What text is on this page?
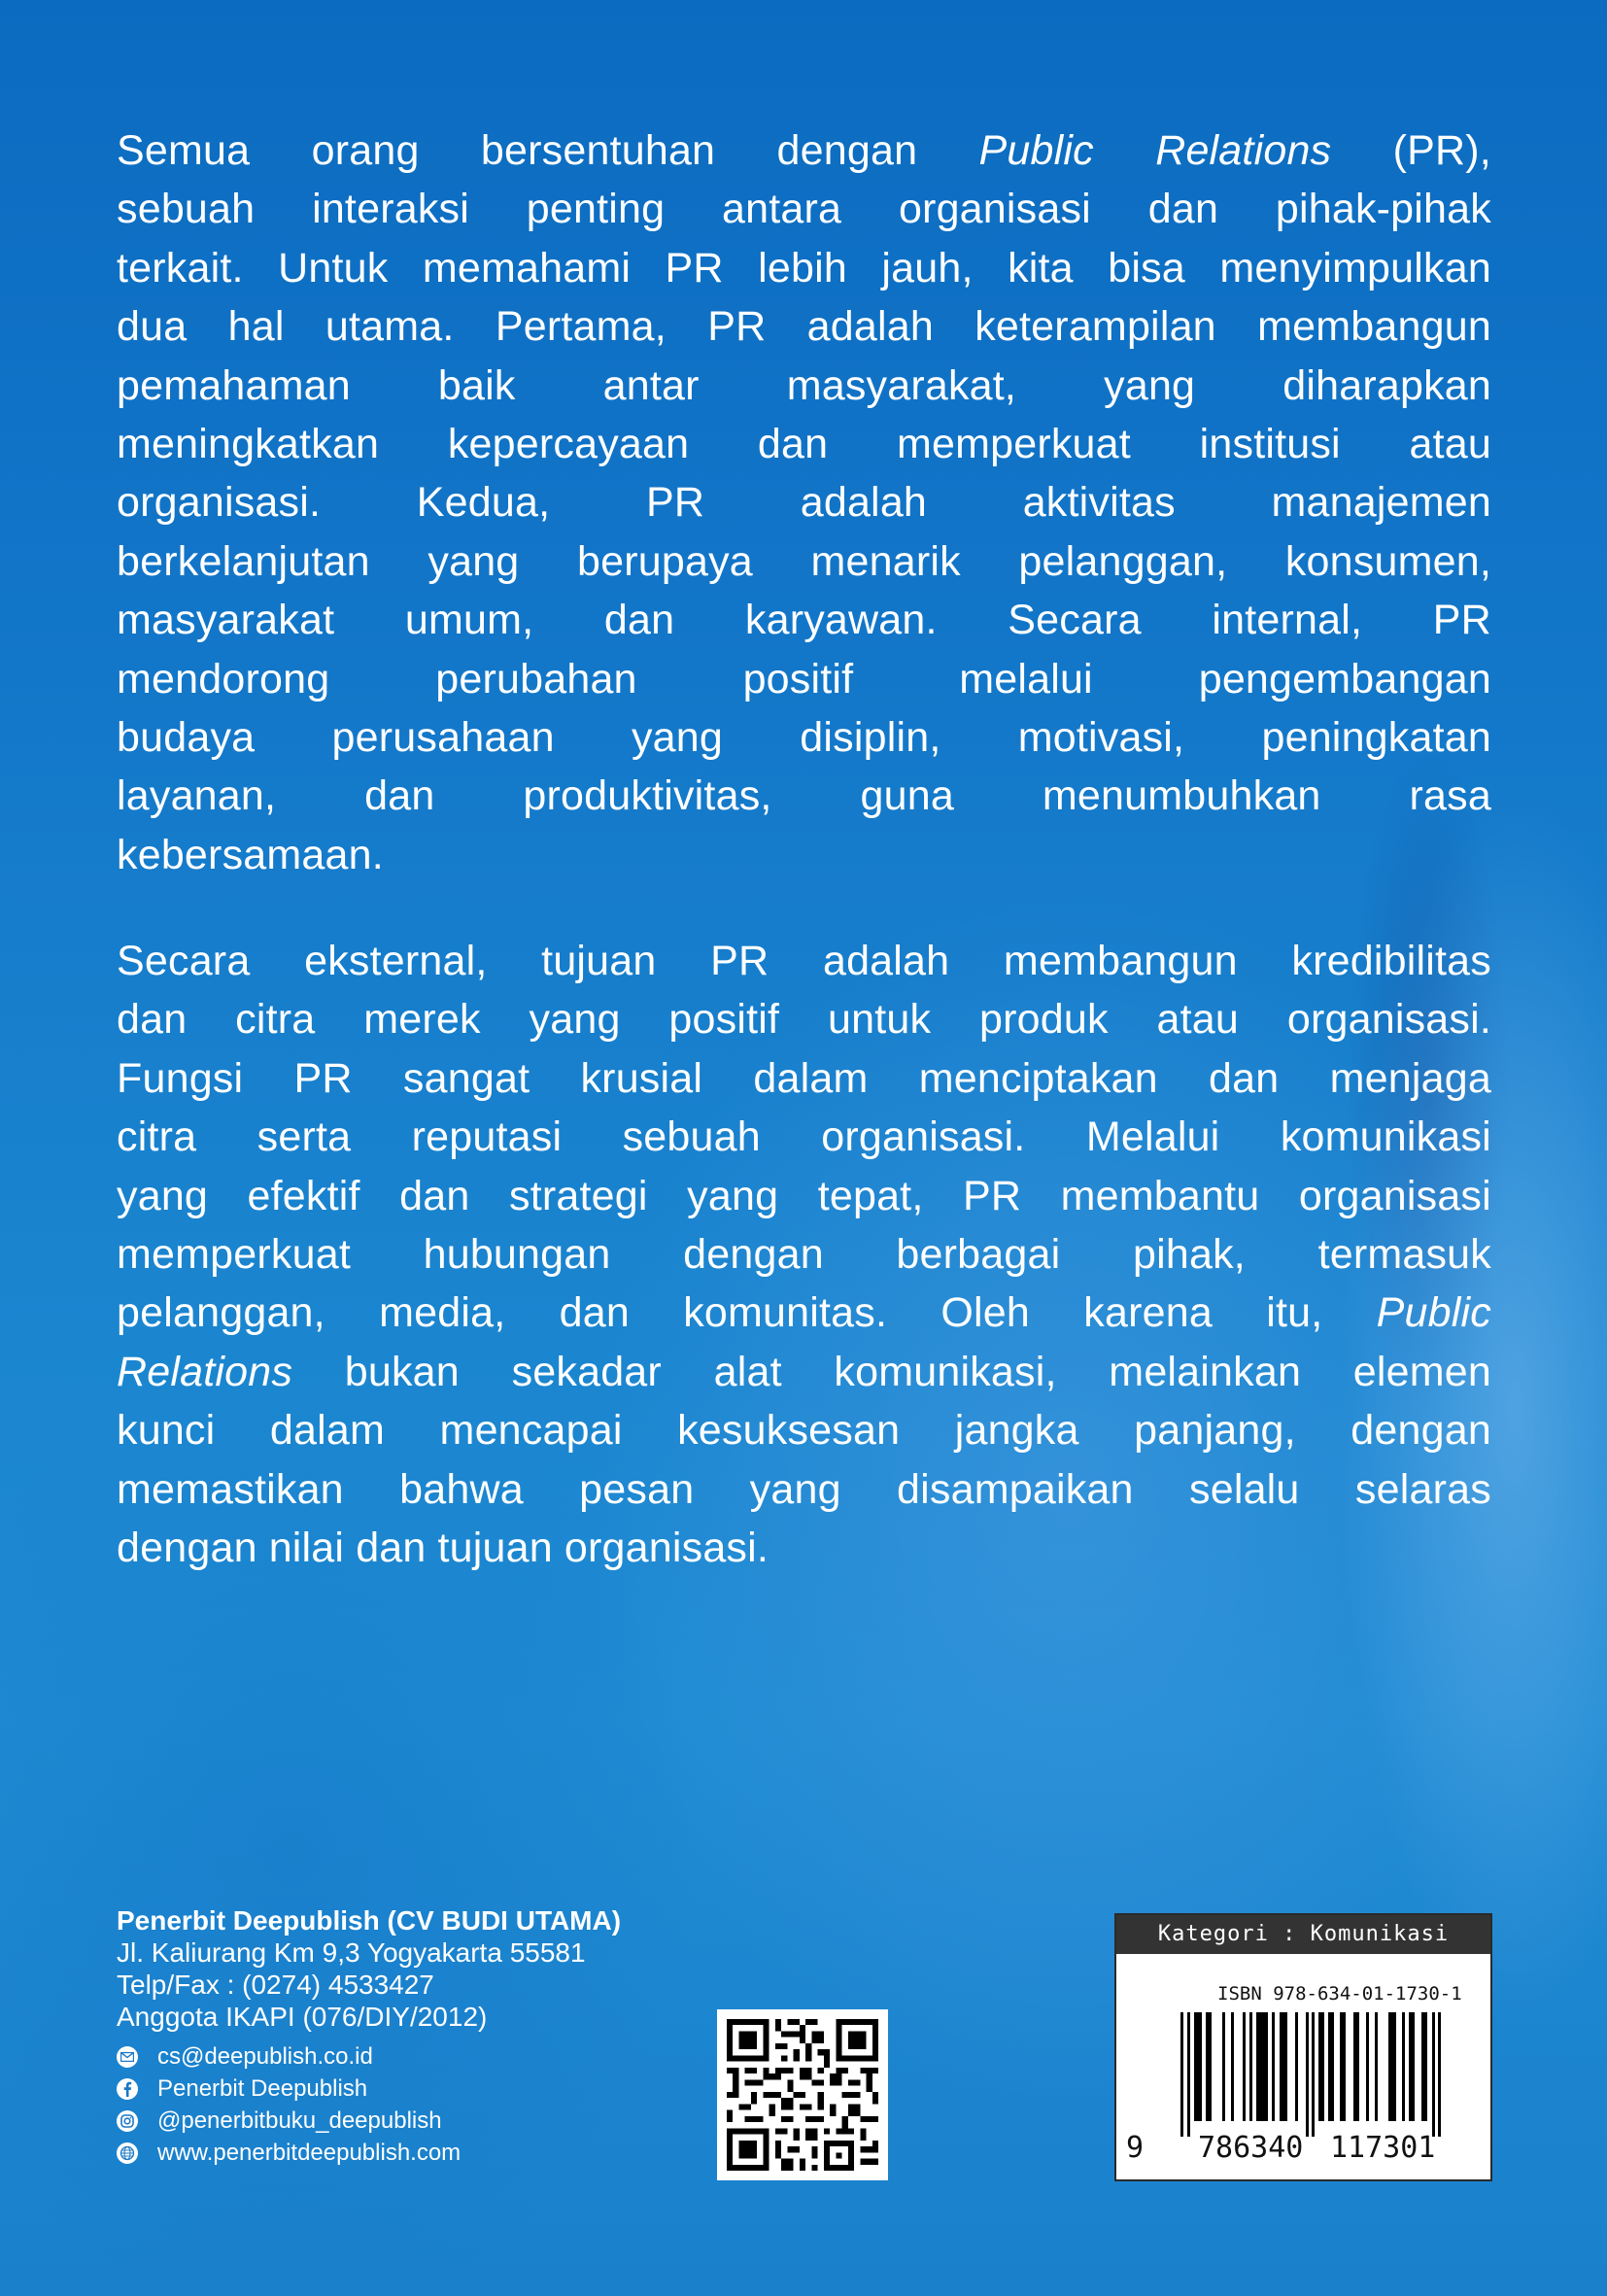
Semua orang bersentuhan dengan Public Relations (PR),
sebuah interaksi penting antara organisasi dan pihak-pihak
terkait. Untuk memahami PR lebih jauh, kita bisa menyimpulkan
dua hal utama. Pertama, PR adalah keterampilan membangun
pemahaman baik antar masyarakat, yang diharapkan
meningkatkan kepercayaan dan memperkuat institusi atau
organisasi. Kedua, PR adalah aktivitas manajemen
berkelanjutan yang berupaya menarik pelanggan, konsumen,
masyarakat umum, dan karyawan. Secara internal, PR
mendorong	perubahan	positif	melalui	pengembangan
budaya perusahaan yang disiplin, motivasi, peningkatan
layanan, dan produktivitas, guna menumbuhkan rasa
kebersamaan.
Secara eksternal, tujuan PR adalah membangun kredibilitas
dan citra merek yang positif untuk produk atau organisasi.
Fungsi PR sangat krusial dalam menciptakan dan menjaga
citra serta reputasi sebuah organisasi. Melalui komunikasi
yang efektif dan strategi yang tepat, PR membantu organisasi
memperkuat hubungan dengan berbagai pihak, termasuk
pelanggan, media, dan komunitas. Oleh karena itu, Public
Relations bukan sekadar alat komunikasi, melainkan elemen
kunci dalam mencapai kesuksesan jangka panjang, dengan
memastikan bahwa pesan yang disampaikan selalu selaras
dengan nilai dan tujuan organisasi.
Penerbit Deepublish (CV BUDI UTAMA)
Jl. Kaliurang Km 9,3 Yogyakarta 55581
Telp/Fax : (0274) 4533427
Anggota IKAPI (076/DIY/2012)
cs@deepublish.co.id
Penerbit Deepublish
@penerbitbuku_deepublish
www.penerbitdeepublish.com
Kategori : Komunikasi
ISBN 978-634-01-1730-1
9 786340 117301
